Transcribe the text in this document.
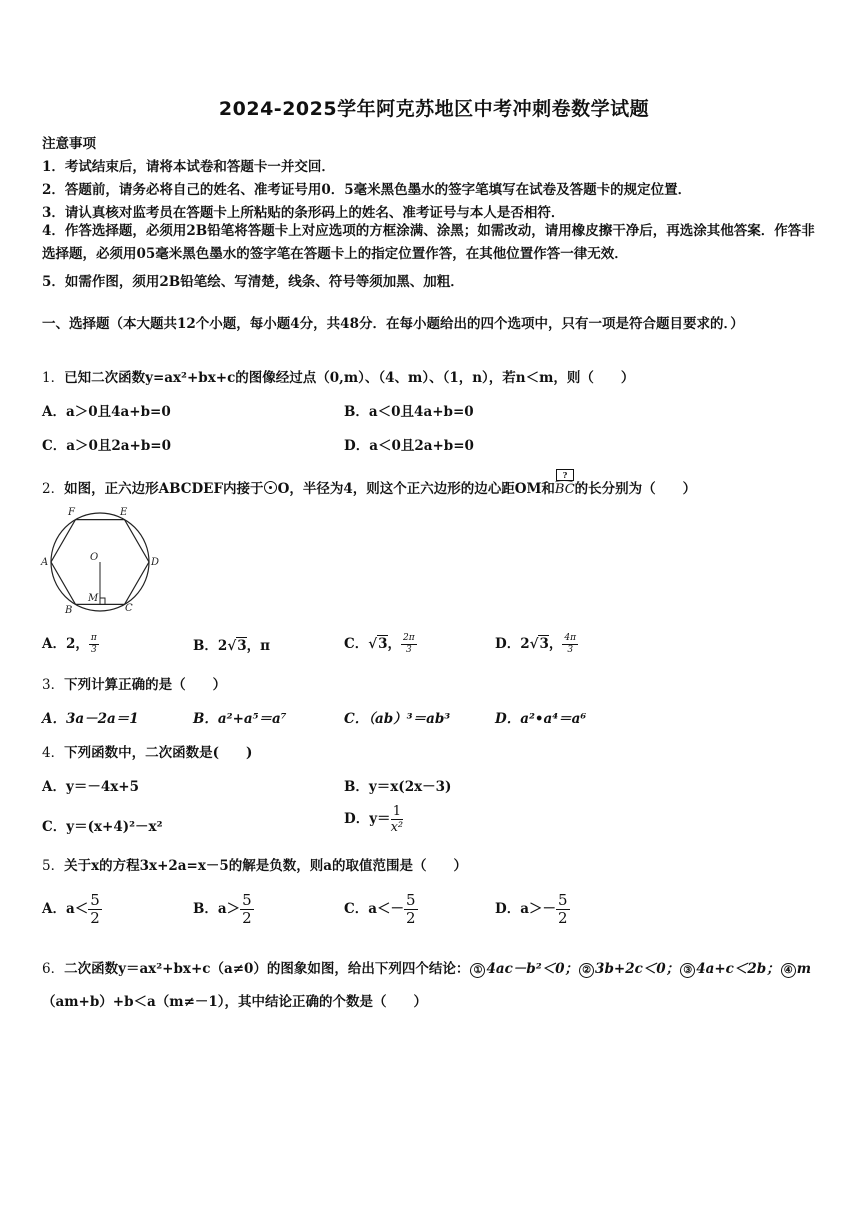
2024-2025学年阿克苏地区中考冲刺卷数学试题
注意事项
1．考试结束后，请将本试卷和答题卡一并交回．
2．答题前，请务必将自己的姓名、准考证号用0．5毫米黑色墨水的签字笔填写在试卷及答题卡的规定位置．
3．请认真核对监考员在答题卡上所粘贴的条形码上的姓名、准考证号与本人是否相符．
4．作答选择题，必须用2B铅笔将答题卡上对应选项的方框涂满、涂黑；如需改动，请用橡皮擦干净后，再选涂其他答案．作答非选择题，必须用05毫米黑色墨水的签字笔在答题卡上的指定位置作答，在其他位置作答一律无效．
5．如需作图，须用2B铅笔绘、写清楚，线条、符号等须加黑、加粗．
一、选择题（本大题共12个小题，每小题4分，共48分．在每小题给出的四个选项中，只有一项是符合题目要求的．）
1．已知二次函数y=ax²+bx+c的图像经过点（0,m）、（4、m）、（1，n），若n＜m，则（　　）
A．a＞0且4a+b=0	B．a＜0且4a+b=0
C．a＞0且2a+b=0	D．a＜0且2a+b=0
2．如图，正六边形ABCDEF内接于 O，半径为4，则这个正六边形的边心距OM和
?
BC的长分别为（　　）
F	E
A	D
O
B
M
C
A．2， $\frac{\pi}{3}$	B．2√3，π	C．√3， $\frac{2\pi}{3}$	D．2√3， $\frac{4\pi}{3}$
3．下列计算正确的是（　　）
A．3a－2a＝1	B．a²+a⁵＝a⁷	C．（ab）³＝ab³	D．a²•a⁴＝a⁶
4．下列函数中，二次函数是(　　)
A．y＝－4x+5	B．y＝x(2x－3)
C．y＝(x+4)²－x²	D．$y= \frac{1}{\text{x²}}$
5．关于x的方程3x+2a=x－5的解是负数，则a的取值范围是（　　）
A．$a< \frac{5}{2}$	B．$a> \frac{5}{2}$	C．$a<- \frac{5}{2}$	D．$a>- \frac{5}{2}$
6．二次函数y＝ax²+bx+c（a≠0）的图象如图，给出下列四个结论： ① 4ac－b²＜0； ② 3b+2c＜0； ③ 4a+c＜2b； ④ m
（am+b）+b＜a（m≠－1），其中结论正确的个数是（　　）
